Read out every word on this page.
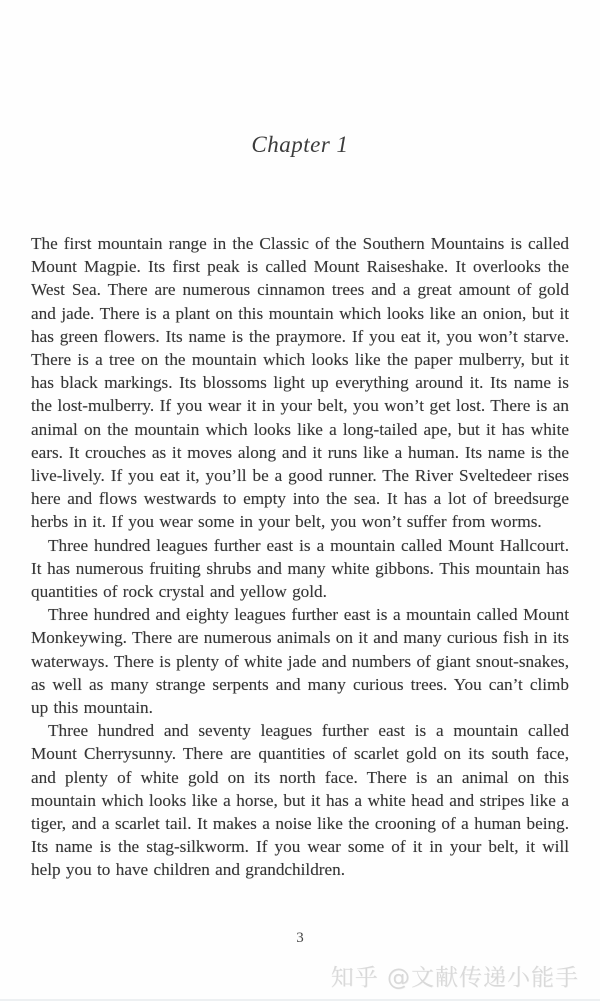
Chapter 1

The first mountain range in the Classic of the Southern Mountains is called Mount Magpie. Its first peak is called Mount Raiseshake. It overlooks the West Sea. There are numerous cinnamon trees and a great amount of gold and jade. There is a plant on this mountain which looks like an onion, but it has green flowers. Its name is the praymore. If you eat it, you won’t starve. There is a tree on the mountain which looks like the paper mulberry, but it has black markings. Its blossoms light up everything around it. Its name is the lost-mulberry. If you wear it in your belt, you won’t get lost. There is an animal on the mountain which looks like a long-tailed ape, but it has white ears. It crouches as it moves along and it runs like a human. Its name is the live-lively. If you eat it, you’ll be a good runner. The River Sveltedeer rises here and flows westwards to empty into the sea. It has a lot of breedsurge herbs in it. If you wear some in your belt, you won’t suffer from worms.

Three hundred leagues further east is a mountain called Mount Hallcourt. It has numerous fruiting shrubs and many white gibbons. This mountain has quantities of rock crystal and yellow gold.

Three hundred and eighty leagues further east is a mountain called Mount Monkeywing. There are numerous animals on it and many curious fish in its waterways. There is plenty of white jade and numbers of giant snout-snakes, as well as many strange serpents and many curious trees. You can’t climb up this mountain.

Three hundred and seventy leagues further east is a mountain called Mount Cherrysunny. There are quantities of scarlet gold on its south face, and plenty of white gold on its north face. There is an animal on this mountain which looks like a horse, but it has a white head and stripes like a tiger, and a scarlet tail. It makes a noise like the crooning of a human being. Its name is the stag-silkworm. If you wear some of it in your belt, it will help you to have children and grandchildren.

3
知乎 @文献传递小能手
